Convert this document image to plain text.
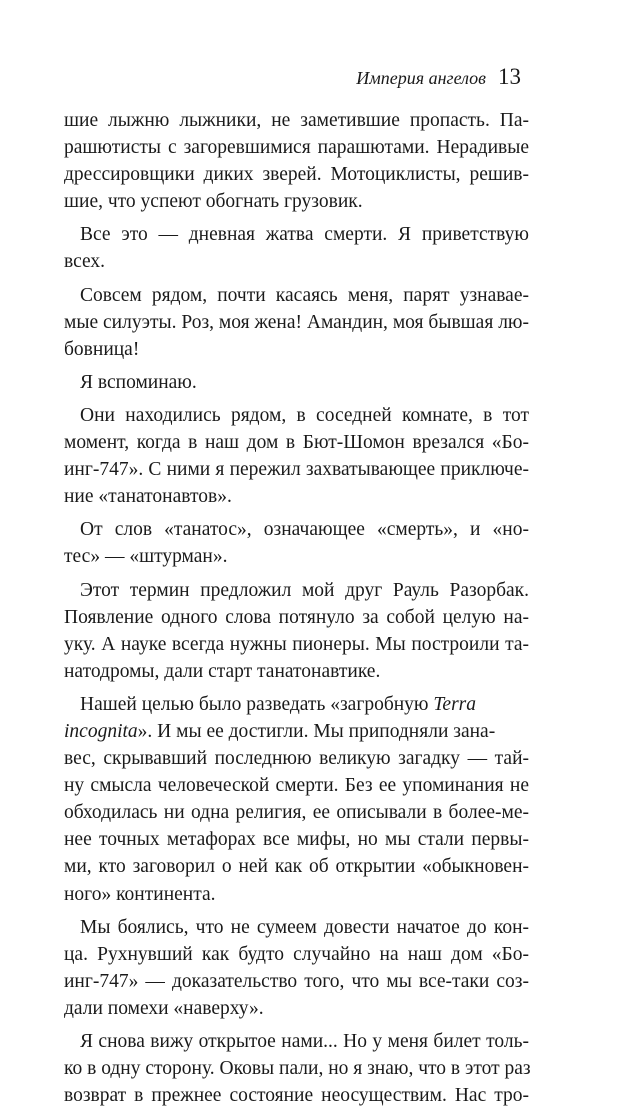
Империя ангелов 13
шие лыжню лыжники, не заметившие пропасть. Па-
рашютисты с загоревшимися парашютами. Нерадивые
дрессировщики диких зверей. Мотоциклисты, решив-
шие, что успеют обогнать грузовик.
Все это — дневная жатва смерти. Я приветствую
всех.
Совсем рядом, почти касаясь меня, парят узнавае-
мые силуэты. Роз, моя жена! Амандин, моя бывшая лю-
бовница!
Я вспоминаю.
Они находились рядом, в соседней комнате, в тот
момент, когда в наш дом в Бют-Шомон врезался «Бо-
инг-747». С ними я пережил захватывающее приключе-
ние «танатонавтов».
От слов «танатос», означающее «смерть», и «но-
тес» — «штурман».
Этот термин предложил мой друг Рауль Разорбак.
Появление одного слова потянуло за собой целую на-
уку. А науке всегда нужны пионеры. Мы построили та-
натодромы, дали старт танатонавтике.
Нашей целью было разведать «загробную Terra
incognita». И мы ее достигли. Мы приподняли зана-
вес, скрывавший последнюю великую загадку — тай-
ну смысла человеческой смерти. Без ее упоминания не
обходилась ни одна религия, ее описывали в более-ме-
нее точных метафорах все мифы, но мы стали первы-
ми, кто заговорил о ней как об открытии «обыкновен-
ного» континента.
Мы боялись, что не сумеем довести начатое до кон-
ца. Рухнувший как будто случайно на наш дом «Бо-
инг-747» — доказательство того, что мы все-таки соз-
дали помехи «наверху».
Я снова вижу открытое нами... Но у меня билет толь-
ко в одну сторону. Оковы пали, но я знаю, что в этот раз
возврат в прежнее состояние неосуществим. Нас тро-
